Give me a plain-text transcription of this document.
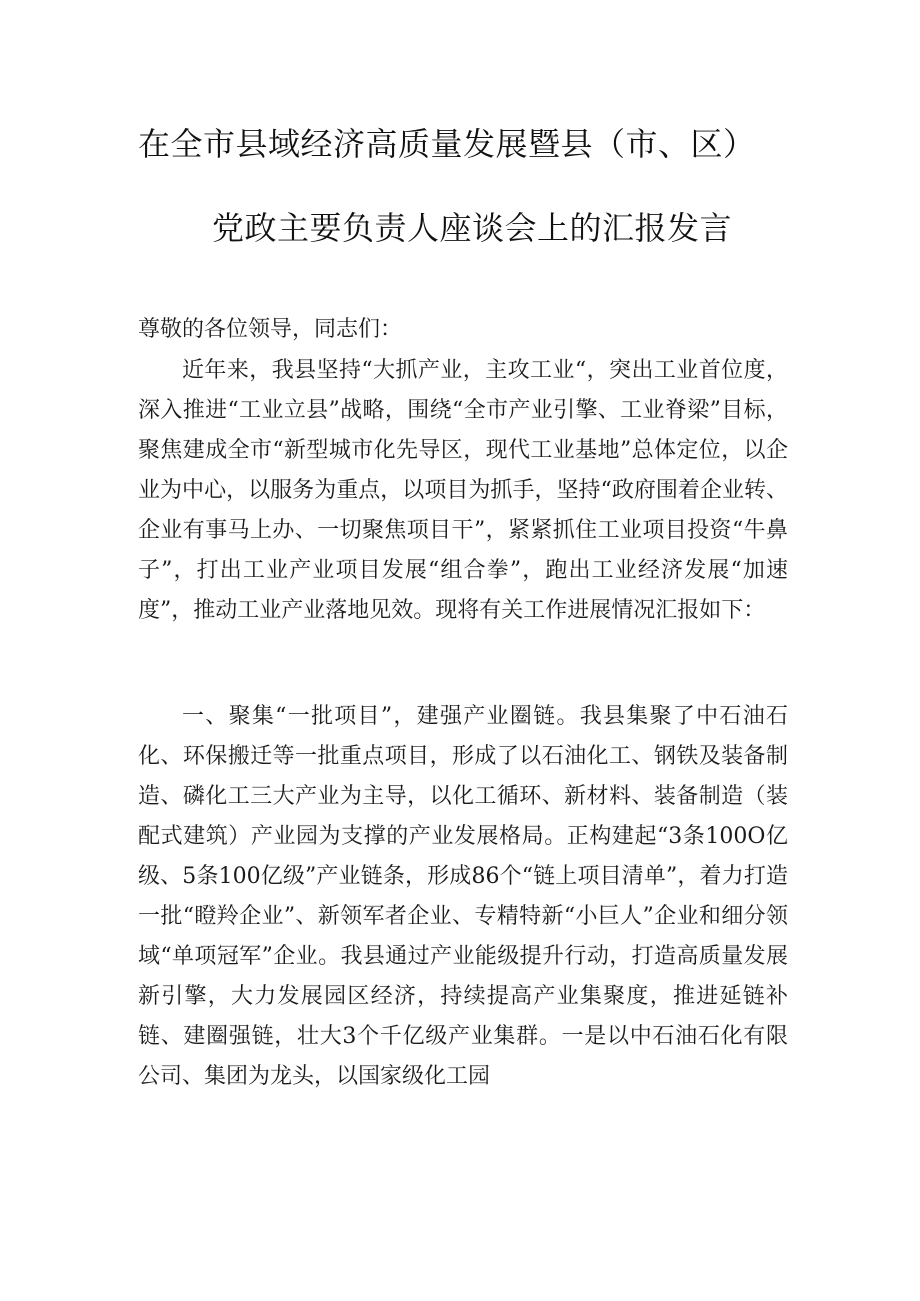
在全市县域经济高质量发展暨县（市、区）
党政主要负责人座谈会上的汇报发言
尊敬的各位领导，同志们：

近年来，我县坚持“大抓产业，主攻工业“，突出工业首位度，深入推进“工业立县”战略，围绕“全市产业引擎、工业脊梁”目标，聚焦建成全市“新型城市化先导区，现代工业基地”总体定位，以企业为中心，以服务为重点，以项目为抓手，坚持“政府围着企业转、企业有事马上办、一切聚焦项目干”，紧紧抓住工业项目投资“牛鼻子”，打出工业产业项目发展“组合拳”，跑出工业经济发展“加速度”，推动工业产业落地见效。现将有关工作进展情况汇报如下：

一、聚集“一批项目”，建强产业圈链。我县集聚了中石油石化、环保搬迁等一批重点项目，形成了以石油化工、钢铁及装备制造、磷化工三大产业为主导，以化工循环、新材料、装备制造（装配式建筑）产业园为支撑的产业发展格局。正构建起“3条100O亿级、5条100亿级”产业链条，形成86个“链上项目清单”，着力打造一批“瞪羚企业”、新领军者企业、专精特新“小巨人”企业和细分领域“单项冠军”企业。我县通过产业能级提升行动，打造高质量发展新引擎，大力发展园区经济，持续提高产业集聚度，推进延链补链、建圈强链，壮大3个千亿级产业集群。一是以中石油石化有限公司、集团为龙头，以国家级化工园
